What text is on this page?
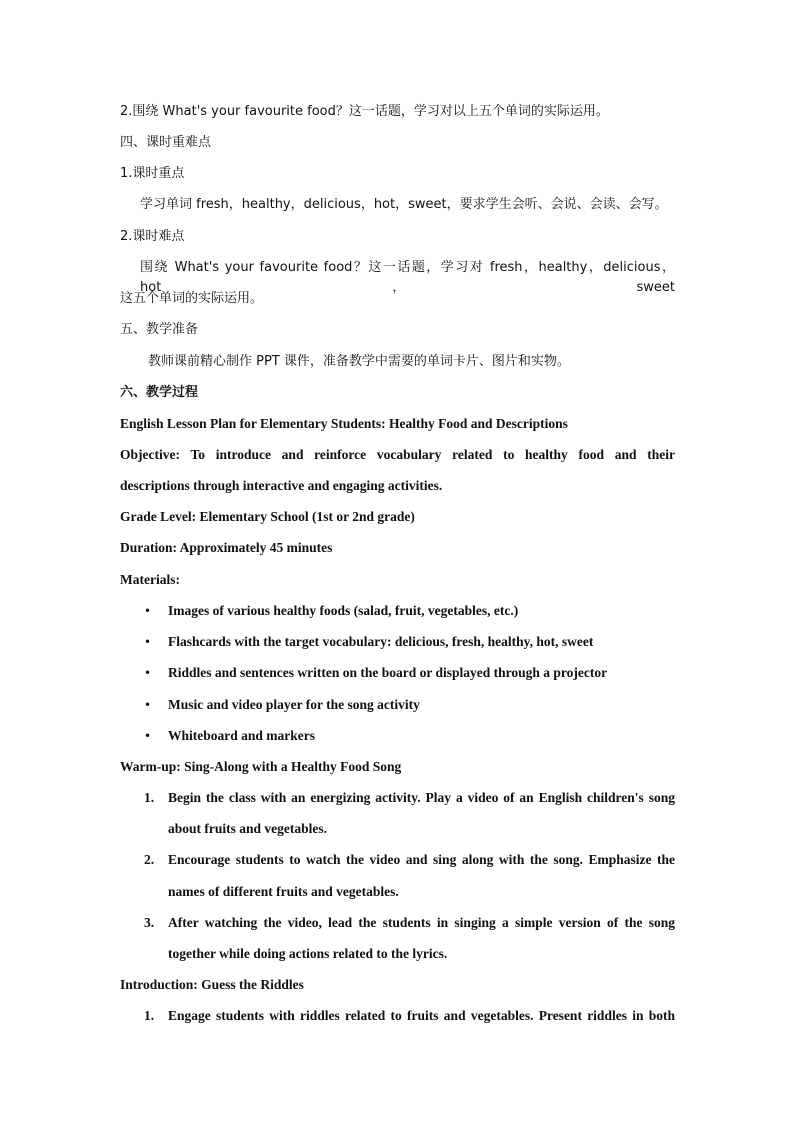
2.围绕 What's your favourite food？这一话题，学习对以上五个单词的实际运用。
四、课时重难点
1.课时重点
学习单词 fresh，healthy，delicious，hot，sweet，要求学生会听、会说、会读、会写。
2.课时难点
围绕 What's your favourite food？这一话题，学习对 fresh，healthy，delicious，hot，sweet
这五个单词的实际运用。
五、教学准备
教师课前精心制作 PPT 课件，准备教学中需要的单词卡片、图片和实物。
六、教学过程
English Lesson Plan for Elementary Students: Healthy Food and Descriptions
Objective: To introduce and reinforce vocabulary related to healthy food and their
descriptions through interactive and engaging activities.
Grade Level: Elementary School (1st or 2nd grade)
Duration: Approximately 45 minutes
Materials:
• Images of various healthy foods (salad, fruit, vegetables, etc.)
• Flashcards with the target vocabulary: delicious, fresh, healthy, hot, sweet
• Riddles and sentences written on the board or displayed through a projector
• Music and video player for the song activity
• Whiteboard and markers
Warm-up: Sing-Along with a Healthy Food Song
1.	Begin the class with an energizing activity. Play a video of an English children's song
about fruits and vegetables.
2.	Encourage students to watch the video and sing along with the song. Emphasize the
names of different fruits and vegetables.
3.	After watching the video, lead the students in singing a simple version of the song
together while doing actions related to the lyrics.
Introduction: Guess the Riddles
1.	Engage students with riddles related to fruits and vegetables. Present riddles in both
